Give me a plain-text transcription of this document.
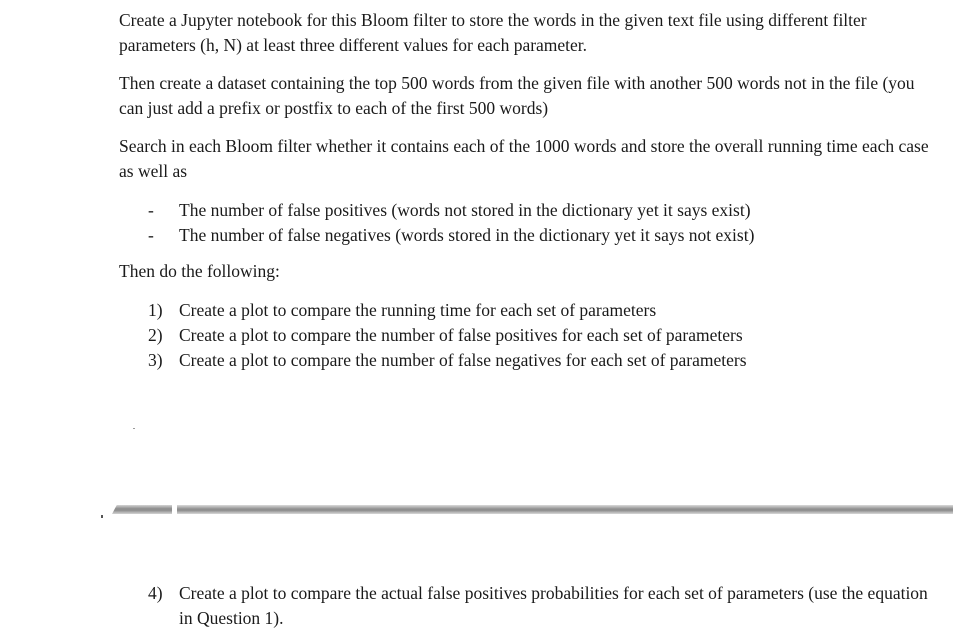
Create a Jupyter notebook for this Bloom filter to store the words in the given text file using different filter parameters (h, N) at least three different values for each parameter.

Then create a dataset containing the top 500 words from the given file with another 500 words not in the file (you can just add a prefix or postfix to each of the first 500 words)

Search in each Bloom filter whether it contains each of the 1000 words and store the overall running time each case as well as

- The number of false positives (words not stored in the dictionary yet it says exist)
- The number of false negatives (words stored in the dictionary yet it says not exist)

Then do the following:

1) Create a plot to compare the running time for each set of parameters
2) Create a plot to compare the number of false positives for each set of parameters
3) Create a plot to compare the number of false negatives for each set of parameters
4) Create a plot to compare the actual false positives probabilities for each set of parameters (use the equation in Question 1).
